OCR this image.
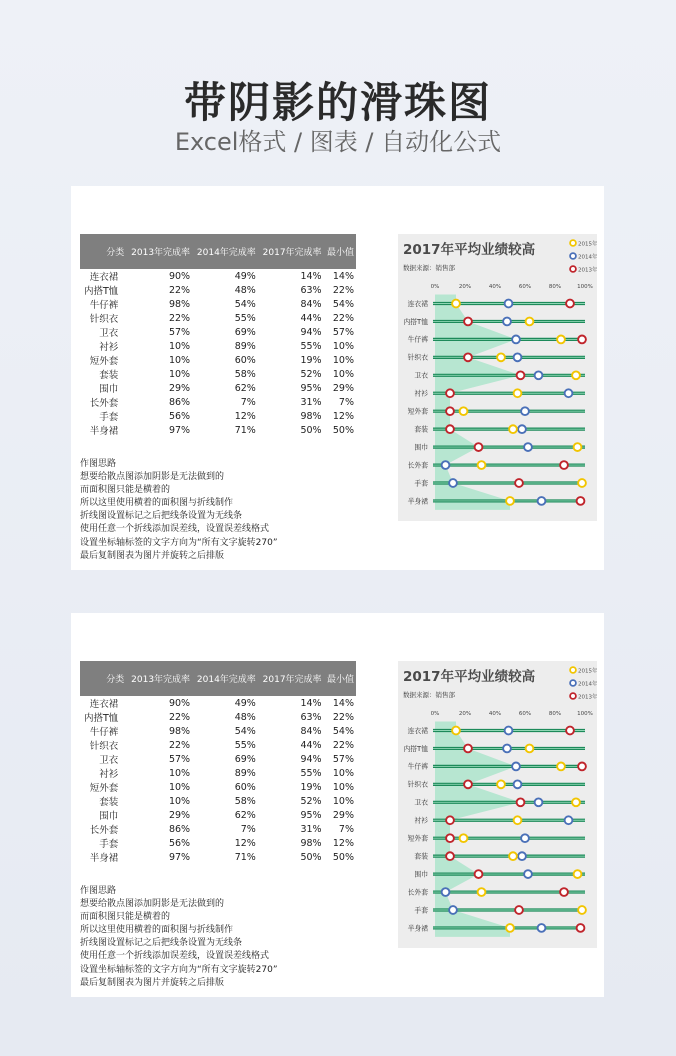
带阴影的滑珠图
Excel格式 / 图表 / 自动化公式
分类	2013年完成率	2014年完成率	2017年完成率	最小值
连衣裙	90%	49%	14%	14%
内搭T恤	22%	48%	63%	22%
牛仔裤	98%	54%	84%	54%
针织衣	22%	55%	44%	22%
卫衣	57%	69%	94%	57%
衬衫	10%	89%	55%	10%
短外套	10%	60%	19%	10%
套装	10%	58%	52%	10%
围巾	29%	62%	95%	29%
长外套	86%	7%	31%	7%
手套	56%	12%	98%	12%
半身裙	97%	71%	50%	50%
作图思路
想要给散点图添加阴影是无法做到的
而面积图只能是横着的
所以这里使用横着的面积图与折线制作
折线图设置标记之后把线条设置为无线条
使用任意一个折线添加误差线，设置误差线格式
设置坐标轴标签的文字方向为“所有文字旋转270”
最后复制图表为图片并旋转之后排版
2017年平均业绩较高
数据来源：销售部
2015年
2014年
2013年
0%	20%	40%	60%	80%	100%
连衣裙
内搭T恤
牛仔裤
针织衣
卫衣
衬衫
短外套
套装
围巾
长外套
手套
半身裙
分类	2013年完成率	2014年完成率	2017年完成率	最小值
连衣裙	90%	49%	14%	14%
内搭T恤	22%	48%	63%	22%
牛仔裤	98%	54%	84%	54%
针织衣	22%	55%	44%	22%
卫衣	57%	69%	94%	57%
衬衫	10%	89%	55%	10%
短外套	10%	60%	19%	10%
套装	10%	58%	52%	10%
围巾	29%	62%	95%	29%
长外套	86%	7%	31%	7%
手套	56%	12%	98%	12%
半身裙	97%	71%	50%	50%
作图思路
想要给散点图添加阴影是无法做到的
而面积图只能是横着的
所以这里使用横着的面积图与折线制作
折线图设置标记之后把线条设置为无线条
使用任意一个折线添加误差线，设置误差线格式
设置坐标轴标签的文字方向为“所有文字旋转270”
最后复制图表为图片并旋转之后排版
2017年平均业绩较高
数据来源：销售部
2015年
2014年
2013年
0%	20%	40%	60%	80%	100%
连衣裙
内搭T恤
牛仔裤
针织衣
卫衣
衬衫
短外套
套装
围巾
长外套
手套
半身裙
